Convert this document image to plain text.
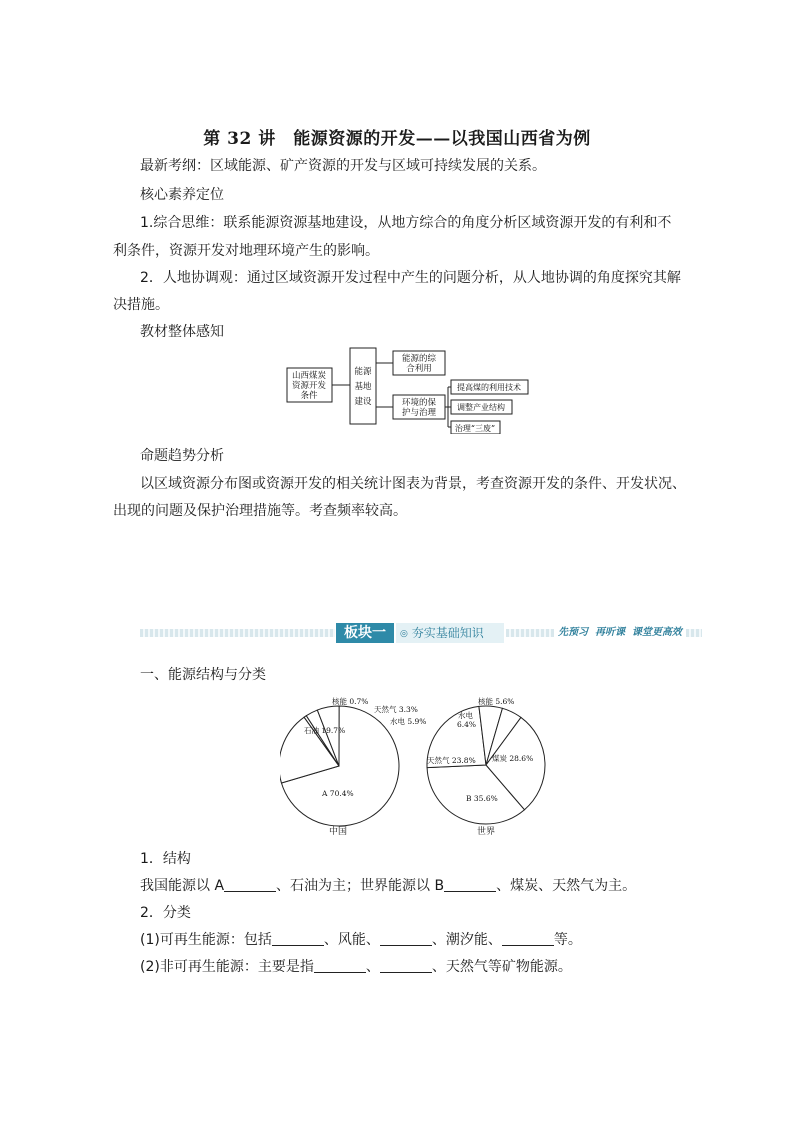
第 32 讲　能源资源的开发——以我国山西省为例
最新考纲：区域能源、矿产资源的开发与区域可持续发展的关系。
核心素养定位
1.综合思维：联系能源资源基地建设，从地方综合的角度分析区域资源开发的有利和不
利条件，资源开发对地理环境产生的影响。
2．人地协调观：通过区域资源开发过程中产生的问题分析，从人地协调的角度探究其解
决措施。
教材整体感知
山西煤炭
资源开发
条件
能源
基地
建设
能源的综
合利用
环境的保
护与治理
提高煤的利用技术
调整产业结构
治理“三废”
命题趋势分析
以区域资源分布图或资源开发的相关统计图表为背景，考查资源开发的条件、开发状况、
出现的问题及保护治理措施等。考查频率较高。
板块一	◎ 夯实基础知识	先预习  再听课  课堂更高效
一、能源结构与分类
核能 0.7%
天然气 3.3%
水电 5.9%
石油 19.7%
A 70.4%
核能 5.6%
水电
6.4%
天然气 23.8% 煤炭 28.6%
B 35.6%
中国	世界
1．结构
我国能源以 A	、石油为主；世界能源以 B	、煤炭、天然气为主。
2．分类
(1)可再生能源：包括	、风能、	、潮汐能、	等。
(2)非可再生能源：主要是指	、	、天然气等矿物能源。
